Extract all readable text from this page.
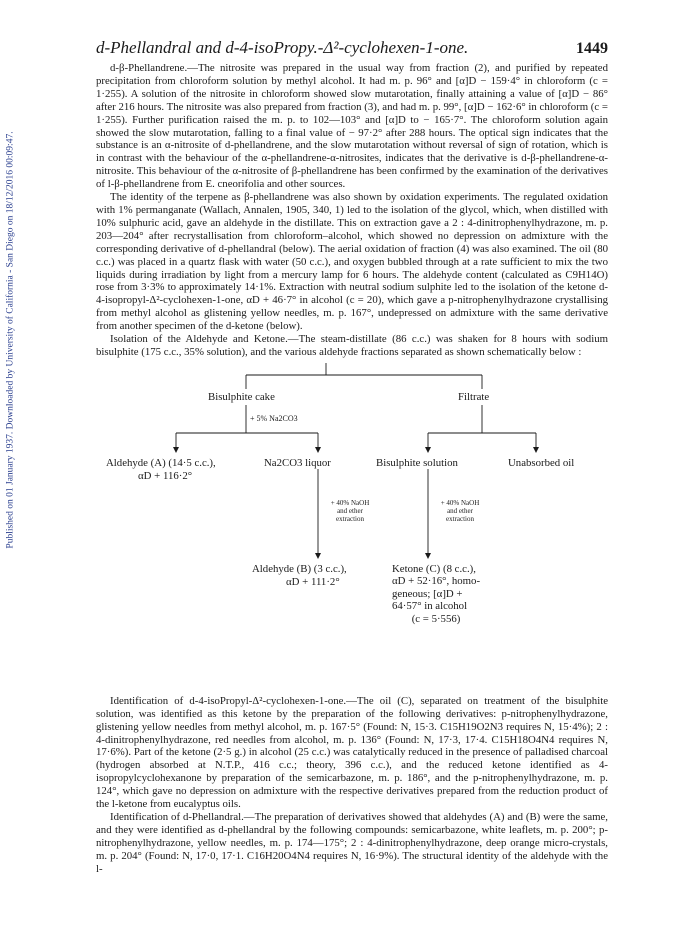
Published on 01 January 1937. Downloaded by University of California - San Diego on 18/12/2016 00:09:47.
d-Phellandral and d-4-isoPropy.-Δ²-cyclohexen-1-one.	1449

d-β-Phellandrene.—The nitrosite was prepared in the usual way from fraction (2), and purified by repeated precipitation from chloroform solution by methyl alcohol. It had m. p. 96° and [α]D − 159·4° in chloroform (c = 1·255). A solution of the nitrosite in chloroform showed slow mutarotation, finally attaining a value of [α]D − 86° after 216 hours. The nitrosite was also prepared from fraction (3), and had m. p. 99°, [α]D − 162·6° in chloroform (c = 1·255). Further purification raised the m. p. to 102—103° and [α]D to − 165·7°. The chloroform solution again showed the slow mutarotation, falling to a final value of − 97·2° after 288 hours. The optical sign indicates that the substance is an α-nitrosite of d-phellandrene, and the slow mutarotation without reversal of sign of rotation, which is in contrast with the behaviour of the α-phellandrene-α-nitrosites, indicates that the derivative is d-β-phellandrene-α-nitrosite. This behaviour of the α-nitrosite of β-phellandrene has been confirmed by the examination of the derivatives of l-β-phellandrene from E. cneorifolia and other sources.

The identity of the terpene as β-phellandrene was also shown by oxidation experiments. The regulated oxidation with 1% permanganate (Wallach, Annalen, 1905, 340, 1) led to the isolation of the glycol, which, when distilled with 10% sulphuric acid, gave an aldehyde in the distillate. This on extraction gave a 2 : 4-dinitrophenylhydrazone, m. p. 203—204° after recrystallisation from chloroform–alcohol, which showed no depression on admixture with the corresponding derivative of d-phellandral (below). The aerial oxidation of fraction (4) was also examined. The oil (80 c.c.) was placed in a quartz flask with water (50 c.c.), and oxygen bubbled through at a rate sufficient to mix the two liquids during irradiation by light from a mercury lamp for 6 hours. The aldehyde content (calculated as C9H14O) rose from 3·3% to approximately 14·1%. Extraction with neutral sodium sulphite led to the isolation of the ketone d-4-isopropyl-Δ²-cyclohexen-1-one, αD + 46·7° in alcohol (c = 20), which gave a p-nitrophenylhydrazone crystallising from methyl alcohol as glistening yellow needles, m. p. 167°, undepressed on admixture with the same derivative from another specimen of the d-ketone (below).

Isolation of the Aldehyde and Ketone.—The steam-distillate (86 c.c.) was shaken for 8 hours with sodium bisulphite (175 c.c., 35% solution), and the various aldehyde fractions separated as shown schematically below :

Bisulphite cake	Filtrate
+ 5% Na2CO3
Aldehyde (A) (14·5 c.c.),
αD + 116·2°
Na2CO3 liquor	Bisulphite solution	Unabsorbed oil
+ 40% NaOH
and ether
extraction
+ 40% NaOH
and ether
extraction
Aldehyde (B) (3 c.c.),
αD + 111·2°
Ketone (C) (8 c.c.),
αD + 52·16°, homo-
geneous; [α]D +
64·57° in alcohol
(c = 5·556)

Identification of d-4-isoPropyl-Δ²-cyclohexen-1-one.—The oil (C), separated on treatment of the bisulphite solution, was identified as this ketone by the preparation of the following derivatives: p-nitrophenylhydrazone, glistening yellow needles from methyl alcohol, m. p. 167·5° (Found: N, 15·3. C15H19O2N3 requires N, 15·4%); 2 : 4-dinitrophenylhydrazone, red needles from alcohol, m. p. 136° (Found: N, 17·3, 17·4. C15H18O4N4 requires N, 17·6%). Part of the ketone (2·5 g.) in alcohol (25 c.c.) was catalytically reduced in the presence of palladised charcoal (hydrogen absorbed at N.T.P., 416 c.c.; theory, 396 c.c.), and the reduced ketone identified as 4-isopropylcyclohexanone by preparation of the semicarbazone, m. p. 186°, and the p-nitrophenylhydrazone, m. p. 124°, which gave no depression on admixture with the respective derivatives prepared from the reduction product of the l-ketone from eucalyptus oils.

Identification of d-Phellandral.—The preparation of derivatives showed that aldehydes (A) and (B) were the same, and they were identified as d-phellandral by the following compounds: semicarbazone, white leaflets, m. p. 200°; p-nitrophenylhydrazone, yellow needles, m. p. 174—175°; 2 : 4-dinitrophenylhydrazone, deep orange micro-crystals, m. p. 204° (Found: N, 17·0, 17·1. C16H20O4N4 requires N, 16·9%). The structural identity of the aldehyde with the l-
